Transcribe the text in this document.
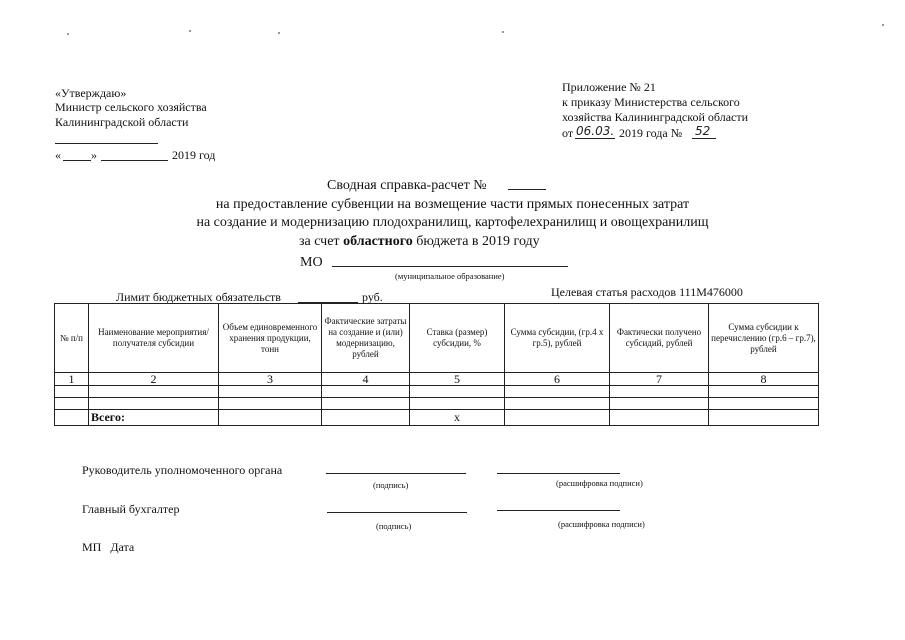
«Утверждаю»
Министр сельского хозяйства
Калининградской области
«	»	2019 год
Приложение № 21
к приказу Министерства сельского
хозяйства Калининградской области
от 06.03. 2019 года № 52
Сводная справка-расчет №
на предоставление субвенции на возмещение части прямых понесенных затрат
на создание и модернизацию плодохранилищ, картофелехранилищ и овощехранилищ
за счет областного бюджета в 2019 году
МО
(муниципальное образование)
Лимит бюджетных обязательств	руб.	Целевая статья расходов 111М476000
№ п/п	Наименование мероприятия/получателя субсидии	Объем единовременного хранения продукции, тонн	Фактические затраты на создание и (или) модернизацию, рублей	Ставка (размер) субсидии, %	Сумма субсидии, (гр.4 х гр.5), рублей	Фактически получено субсидий, рублей	Сумма субсидии к перечислению (гр.6 – гр.7), рублей
1	2	3	4	5	6	7	8

	Всего:			х			
Руководитель уполномоченного органа
(подпись)	(расшифровка подписи)
Главный бухгалтер
(подпись)	(расшифровка подписи)
МП   Дата
